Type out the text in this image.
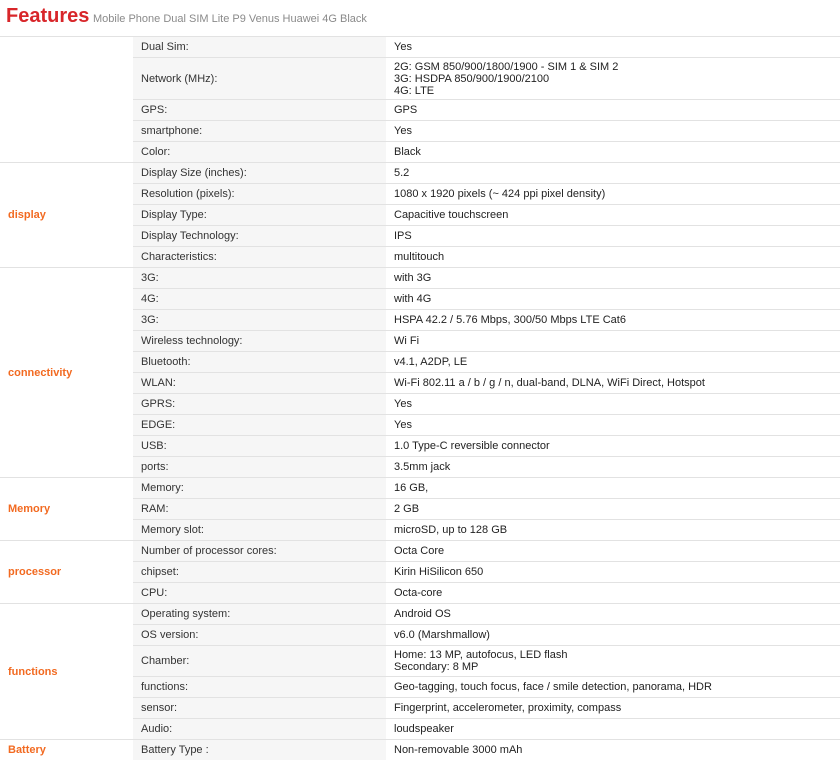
Features Mobile Phone Dual SIM Lite P9 Venus Huawei 4G Black
	Dual Sim:	Yes

	Network (MHz):	2G: GSM 850/900/1800/1900 - SIM 1 & SIM 2
3G: HSDPA 850/900/1900/2100
4G: LTE

	GPS:	GPS

	smartphone:	Yes

	Color:	Black

display	Display Size (inches):	5.2

	Resolution (pixels):	1080 x 1920 pixels (~ 424 ppi pixel density)

	Display Type:	Capacitive touchscreen

	Display Technology:	IPS

	Characteristics:	multitouch

connectivity	3G:	with 3G

	4G:	with 4G

	3G:	HSPA 42.2 / 5.76 Mbps, 300/50 Mbps LTE Cat6

	Wireless technology:	Wi Fi

	Bluetooth:	v4.1, A2DP, LE

	WLAN:	Wi-Fi 802.11 a / b / g / n, dual-band, DLNA, WiFi Direct, Hotspot

	GPRS:	Yes

	EDGE:	Yes

	USB:	1.0 Type-C reversible connector

	ports:	3.5mm jack

Memory	Memory:	16 GB,

	RAM:	2 GB

	Memory slot:	microSD, up to 128 GB

processor	Number of processor cores:	Octa Core

	chipset:	Kirin HiSilicon 650

	CPU:	Octa-core

functions	Operating system:	Android OS

	OS version:	v6.0 (Marshmallow)

	Chamber:	Home: 13 MP, autofocus, LED flash
Secondary: 8 MP

	functions:	Geo-tagging, touch focus, face / smile detection, panorama, HDR

	sensor:	Fingerprint, accelerometer, proximity, compass

	Audio:	loudspeaker

Battery	Battery Type :	Non-removable 3000 mAh
